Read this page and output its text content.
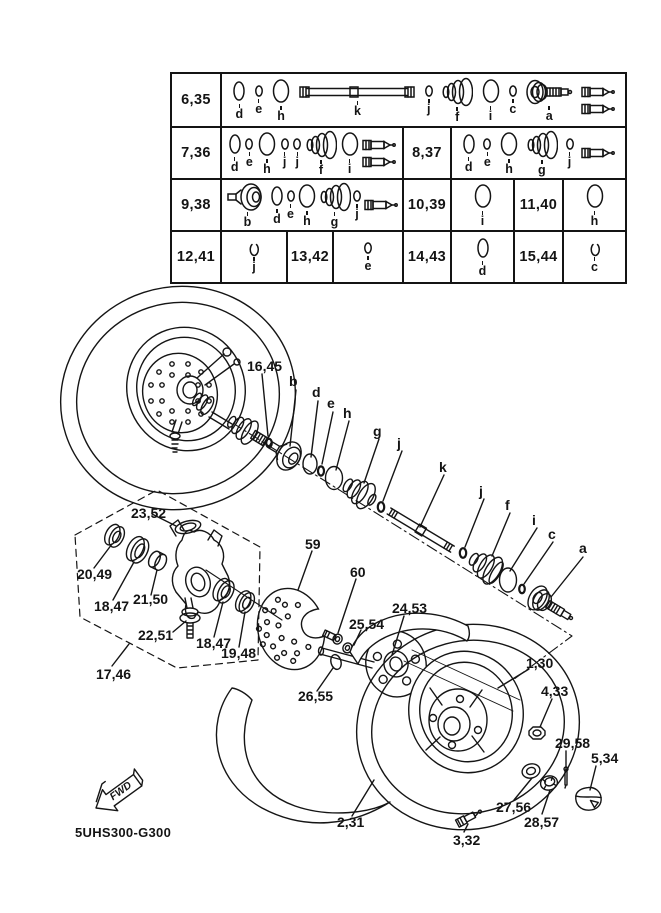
6,35
d e h	k	j
f i c a
7,36
d e h j j
f i
8,37
d e h g
j
9,38
b d e h g
j
10,39
i
11,40
h
12,41
j
13,42
e
14,43
d
15,44
c
FWD
16,45
b
d
e
h
g
j
k
j
f
i
c
a
23,52
20,49
18,47 21,50
22,51 18,47
19,48
17,46
59
60
24,53
25,54
26,55
1,30
4,33
29,58
5,34
2,31
27,56
28,57
3,32
5UHS300-G300
